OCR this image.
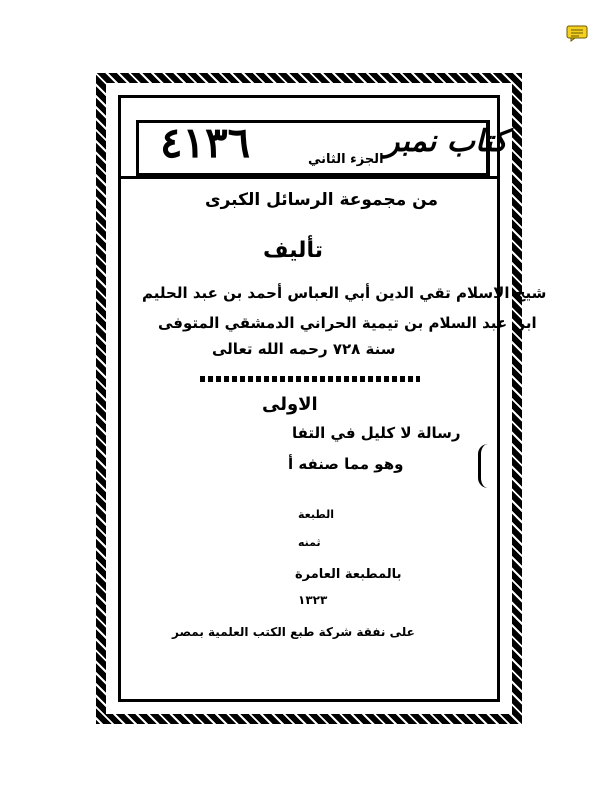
٤١٣٦	كتاب نمبر
الجزء الثاني
من مجموعة الرسائل الكبرى
تأليف
شيخ الاسلام تقي الدين أبي العباس أحمد بن عبد الحليم
ابن عبد السلام بن تيمية الحراني الدمشقي المتوفى
سنة ٧٢٨ رحمه الله تعالى
الاولى
رسالة لا كليل في التفا
وهو مما صنفه أ
الطبعة
ثمنه
بالمطبعة العامرة
١٣٢٣
على نفقة شركة طبع الكتب العلمية بمصر
